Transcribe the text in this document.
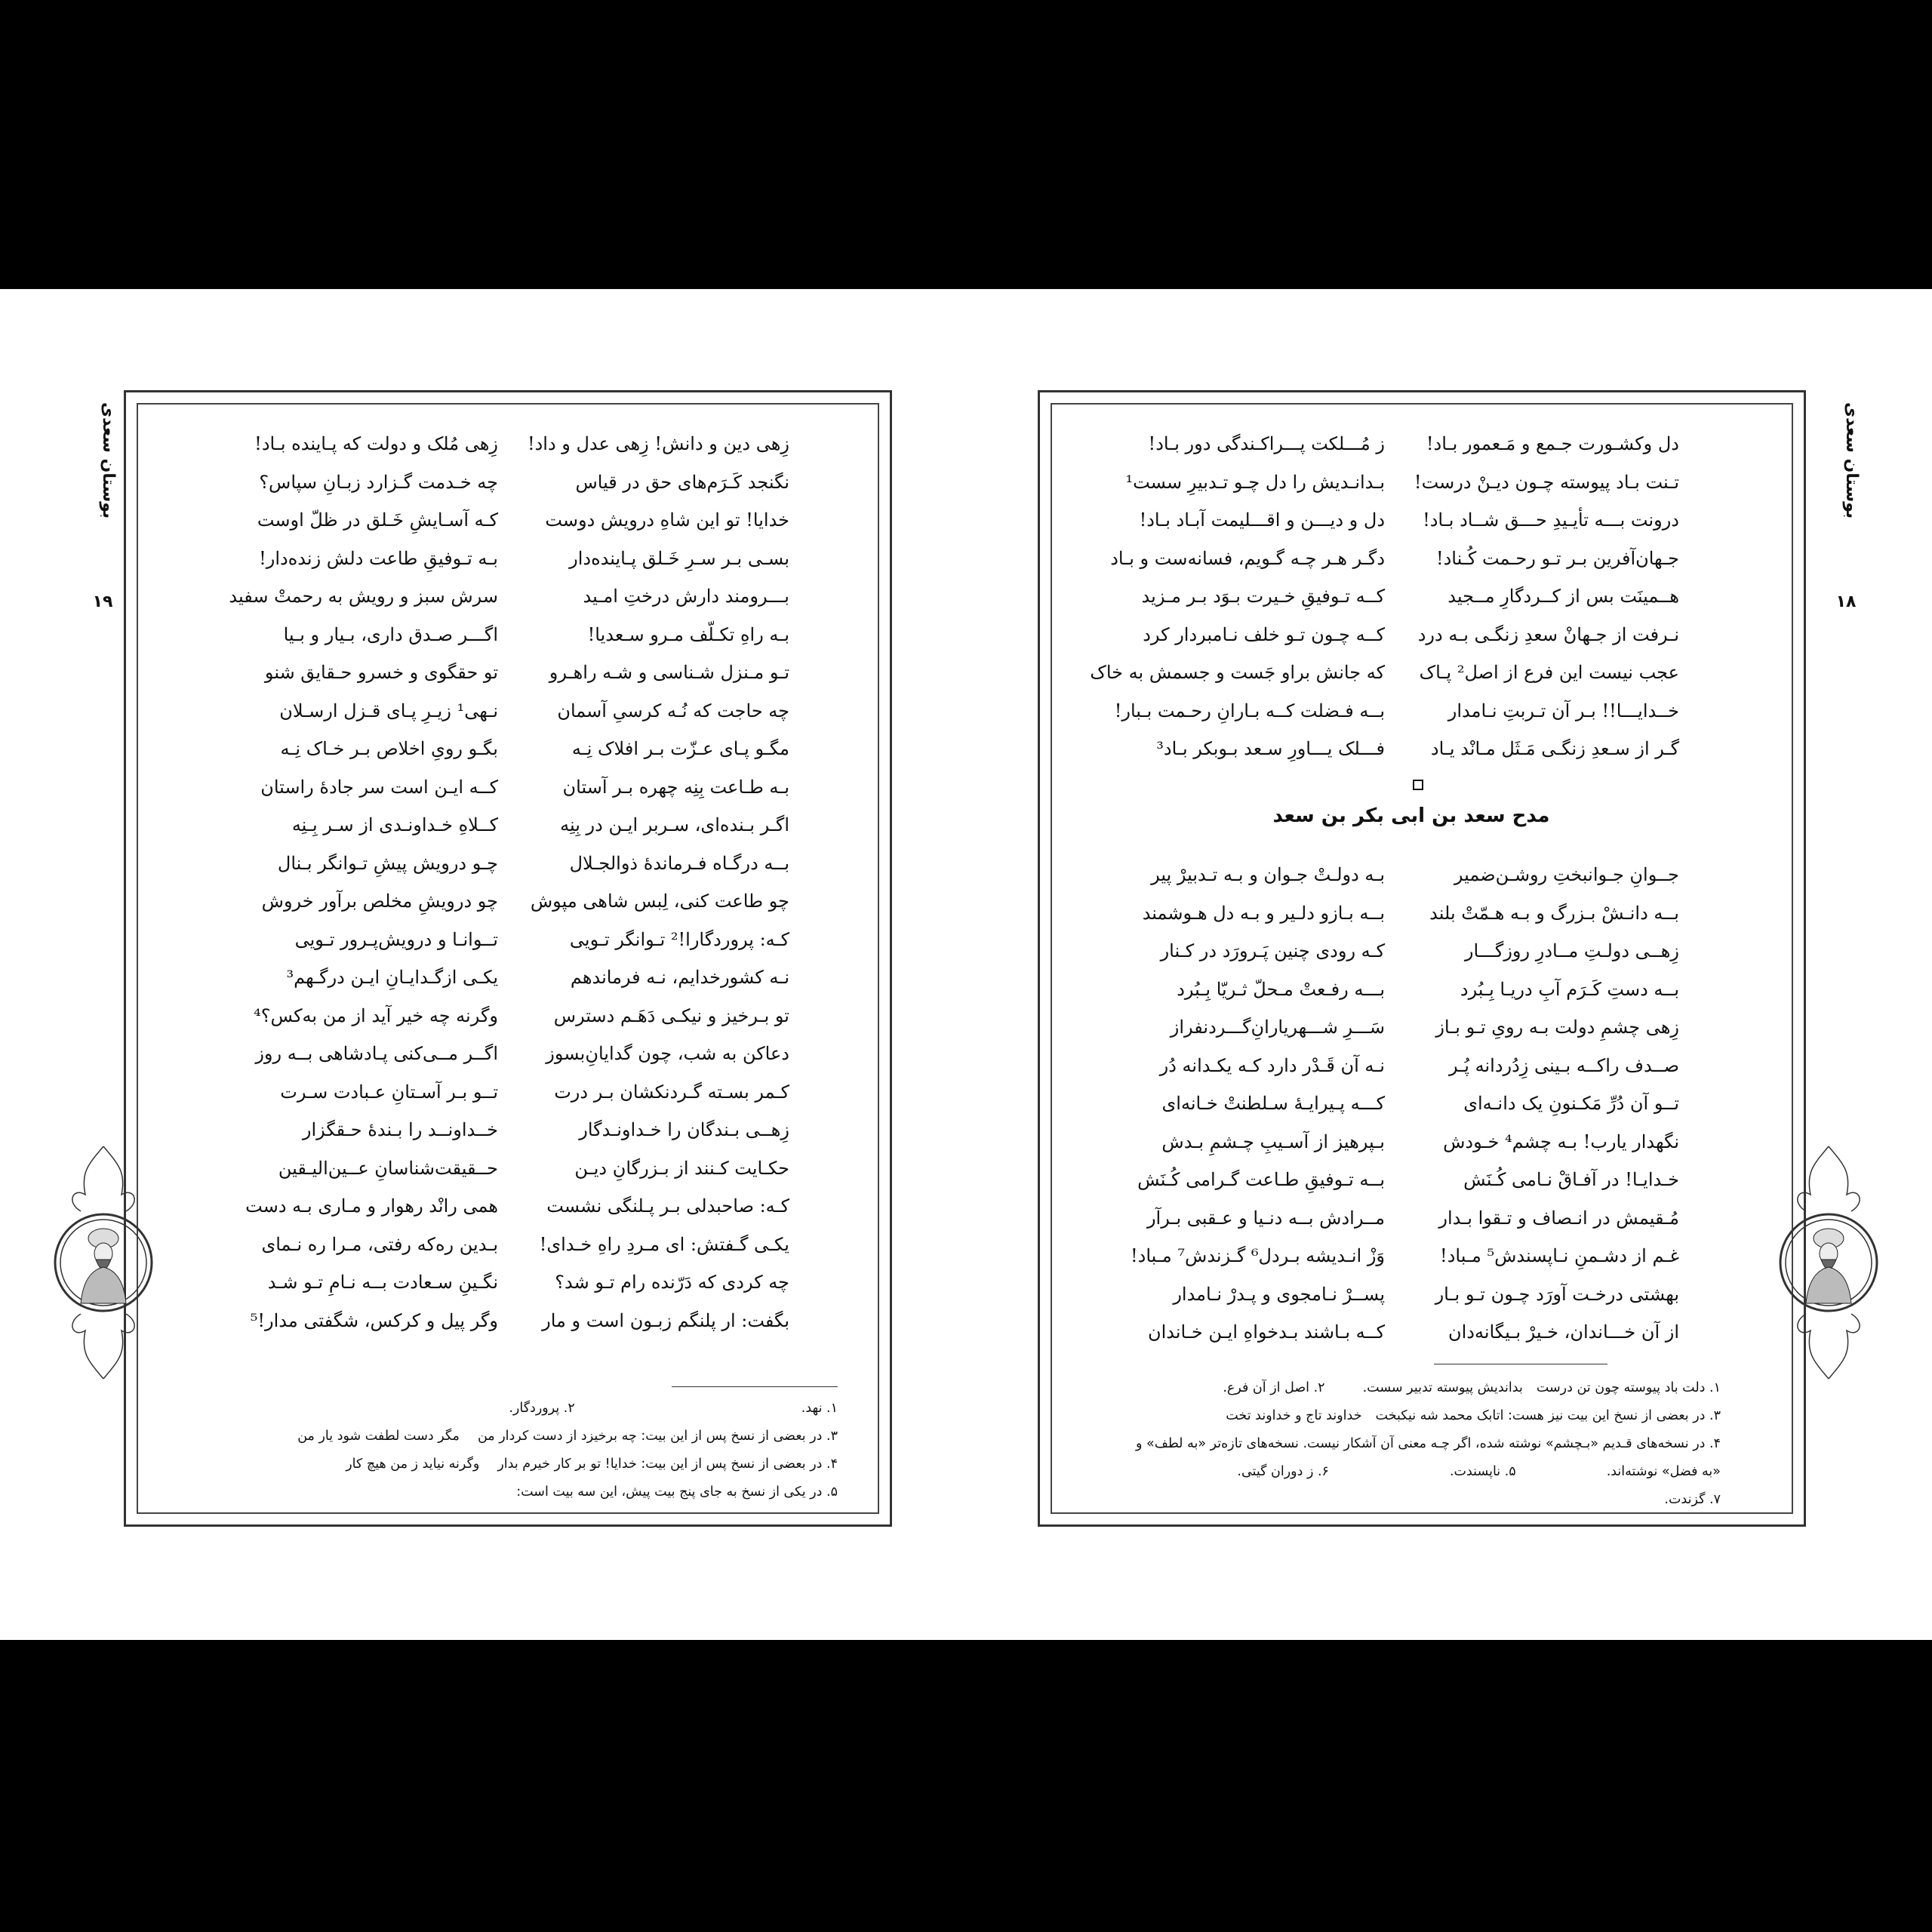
بوستان سعدی
۱۹
بوستان سعدی
۱۸
زِهی دین و دانش! زِهی عدل و داد!
نگنجد کَـرَم‌های حق در قیاس
خدایا! تو این شاهِ درویش دوست
بسـی بـر سـرِ خَـلق پـاینده‌دار
بـــرومند دارش درختِ امـید
بـه راهِ تکـلّف مـرو سـعدیا!
تـو مـنزل شـناسی و شـه راهـرو
چه حاجت که نُـه کرسیِ آسمان
مگـو پـای عـزّت بـر افلاک نِـه
بـه طـاعت بِنِه چهره بـر آستان
اگـر بـنده‌ای، سـربر ایـن در بِنِه
بــه درگـاه فـرماندهٔ ذوالجـلال
چو طاعت کنی، لِبس شاهی مپوش
کـه: پروردگارا!² تـوانگر تـویی
نـه کشورخدایم، نـه فرماندهم
تو بـرخیز و نیکـی دَهَـم دسترس
دعاکن به شب، چون گدایانِ‌بسوز
کـمر بسـته گـردنکشان بـر درت
زِهــی بـندگان را خـداونـدگار
حکـایت کـنند از بـزرگانِ دیـن
کـه: صاحبدلی بـر پـلنگی نشست
یکـی گـفتش: ای مـردِ راهِ خـدای!
چه کردی که دَرّنده رام تـو شد؟
بگفت: ار پلنگم زبـون است و مار
زِهی مُلک و دولت که پـاینده بـاد!
چه خـدمت گـزارد زبـانِ سپاس؟
کـه آسـایشِ خَـلق در ظلّ اوست
بـه تـوفیقِ طاعت دلش زنده‌دار!
سرش سبز و رویش به رحمتْ سفید
اگـــر صـدق داری، بـیار و بـیا
تو حقگوی و خسرو حـقایق شنو
نـهی¹ زیـرِ پـای قـزل ارسـلان
بگـو رویِ اخلاص بـر خـاک نِـه
کــه ایـن است سر جادهٔ راستان
کــلاهِ خـداونـدی از سـر بِـنِه
چـو درویش پیشِ تـوانگر بـنال
چو درویشِ مخلص برآور خروش
تــوانـا و درویش‌پـرور تـویی
یکـی ازگـدایـانِ ایـن درگـهم³
وگرنه چه خیر آید از من به‌کس؟⁴
اگــر مــی‌کنی پـادشاهی بــه روز
تــو بـر آسـتانِ عـبادت سـرت
خــداونــد را بـندهٔ حـقگزار
حــقیقت‌شناسانِ عــین‌الیـقین
همی رانْد رهوار و مـاری بـه دست
بـدین ره‌که رفتی، مـرا ره نـمای
نگـینِ سـعادت بــه نـامِ تـو شـد
وگر پیل و کرکس، شگفتی مدار!⁵
۱. نهد.۲. پروردگار.
۳. در بعضی از نسخ پس از این بیت: چه برخیزد از دست کردار منمگر دست لطفت شود یار من
۴. در بعضی از نسخ پس از این بیت: خدایا! تو بر کار خیرم بداروگرنه نیاید ز من هیچ کار
۵. در یکی از نسخ به جای پنج بیت پیش، این سه بیت است:
دل وکشـورت جـمع و مَـعمور بـاد!
تـنت بـاد پیوسته چـون دیـنْ درست!
درونت بـــه تأیـیدِ حـــق شــاد بـاد!
جـهان‌آفرین بـر تـو رحـمت کُـناد!
هــمینَت بس از کــردگارِ مــجید
نـرفت از جـهانْ سعدِ زنگـی بـه درد
عجب نیست این فرع از اصل² پـاک
خــدایـــا!! بـر آن تـربتِ نـامدار
گـر از سـعدِ زنگـی مَـثَل مـانْد یـاد
ز مُـــلکت پـــراکـندگی دور بـاد!
بـدانـدیش را دل چـو تـدبیرِ سست¹
دل و دیـــن و اقـــلیمت آبـاد بـاد!
دگـر هـر چـه گـویم، فسانه‌ست و بـاد
کــه تـوفیقِ خـیرت بـوَد بـر مـزید
کــه چـون تـو خلف نـامبردار کرد
که جانش براو جَست و جسمش به خاک
بــه فـضلت کــه بـارانِ رحـمت بـبار!
فـــلک یـــاورِ سـعد بـوبکر بـاد³
مدح سعد بن ابی بکر بن سعد
جــوانِ جـوانبختِ روشـن‌ضمیر
بــه دانـشْ بـزرگ و بـه هـمّتْ بلند
زِهــی دولـتِ مــادرِ روزگـــار
بــه دستِ کَـرَم آبِ دریـا بِـبُرد
زِهی چشمِ دولت بـه رویِ تـو بـاز
صــدف راکــه بـینی زِدُردانه پُـر
تــو آن دُرِّ مَکـنونِ یک دانـه‌ای
نگهدار یارب! بـه چشم⁴ خـودش
خـدایـا! در آفـاقْ نـامی کُـنَش
مُـقیمش در انـصاف و تـقوا بـدار
غـم از دشـمنِ نـاپسندش⁵ مـباد!
بهشتی درخـت آورَد چـون تـو بـار
از آن خـــاندان، خـیرْ بـیگانه‌دان
بـه دولـتْ جـوان و بـه تـدبیرْ پیر
بــه بـازو دلـیر و بـه دل هـوشمند
کـه رودی چنین پَـرورَد در کـنار
بـــه رفـعتْ مـحلّ ثـریّا بِـبُرد
سَـــرِ شـــهریارانِ‌گـــردنفراز
نـه آن قَـدْر دارد کـه یکـدانه دُر
کـــه پـیرایـهٔ سـلطنتْ خـانه‌ای
بـپرهیز از آسـیبِ چـشمِ بـدش
بــه تـوفیقِ طـاعت گـرامی کُـنَش
مــرادش بــه دنـیا و عـقبی بـرآر
وَزْ انـدیشه بـردل⁶ گـزندش⁷ مـباد!
پســرْ نـامجوی و پـدرْ نـامدار
کــه بـاشند بـدخواهِ ایـن خـاندان
۱. دلت باد پیوسته چون تن درستبداندیش پیوسته تدبیر سست.۲. اصل از آن فرع.
۳. در بعضی از نسخ این بیت نیز هست: اتابک محمد شه نیکبختخداوند تاج و خداوند تخت
۴. در نسخه‌های قـدیم «بـچشم» نوشته شده، اگر چـه معنی آن آشکار نیست. نسخه‌های تازه‌تر «به لطف» و
«به فضل» نوشته‌اند.۵. ناپسندت.۶. ز دوران گیتی.
۷. گزندت.
